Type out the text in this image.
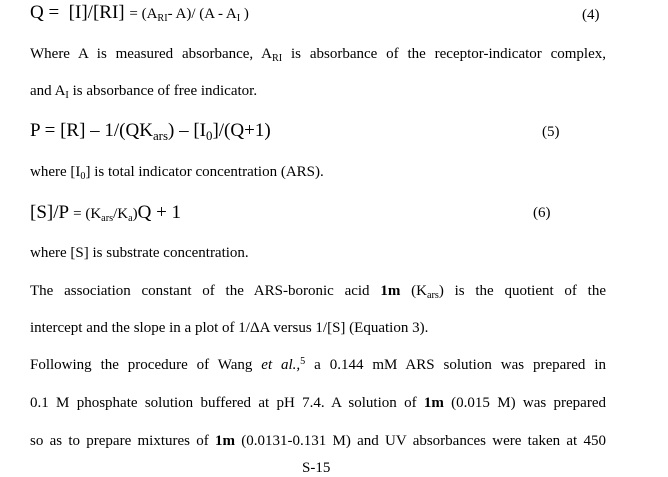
$Q = [I]/[RI] = (A_{RI}-$ A)/ ($A - A_I$ )	(4)
Where A is measured absorbance, $A_{RI}$ is absorbance of the receptor-indicator complex,
and $A_I$ is absorbance of free indicator.
$P = [R] - 1/(QK_{ars}) - [I_0]/(Q+1)$	(5)
where $[I_0]$ is total indicator concentration (ARS).
$[S]/P = (K_{ars}/K_a)Q + 1$	(6)
where [S] is substrate concentration.
The association constant of the ARS-boronic acid 1m $(K_{ars})$ is the quotient of the
intercept and the slope in a plot of 1/ΔA versus 1/[S] (Equation 3).
Following the procedure of Wang et al.,$^5$ a 0.144 mM ARS solution was prepared in
0.1 M phosphate solution buffered at pH 7.4. A solution of 1m (0.015 M) was prepared
so as to prepare mixtures of 1m (0.0131-0.131 M) and UV absorbances were taken at 450
S-15
